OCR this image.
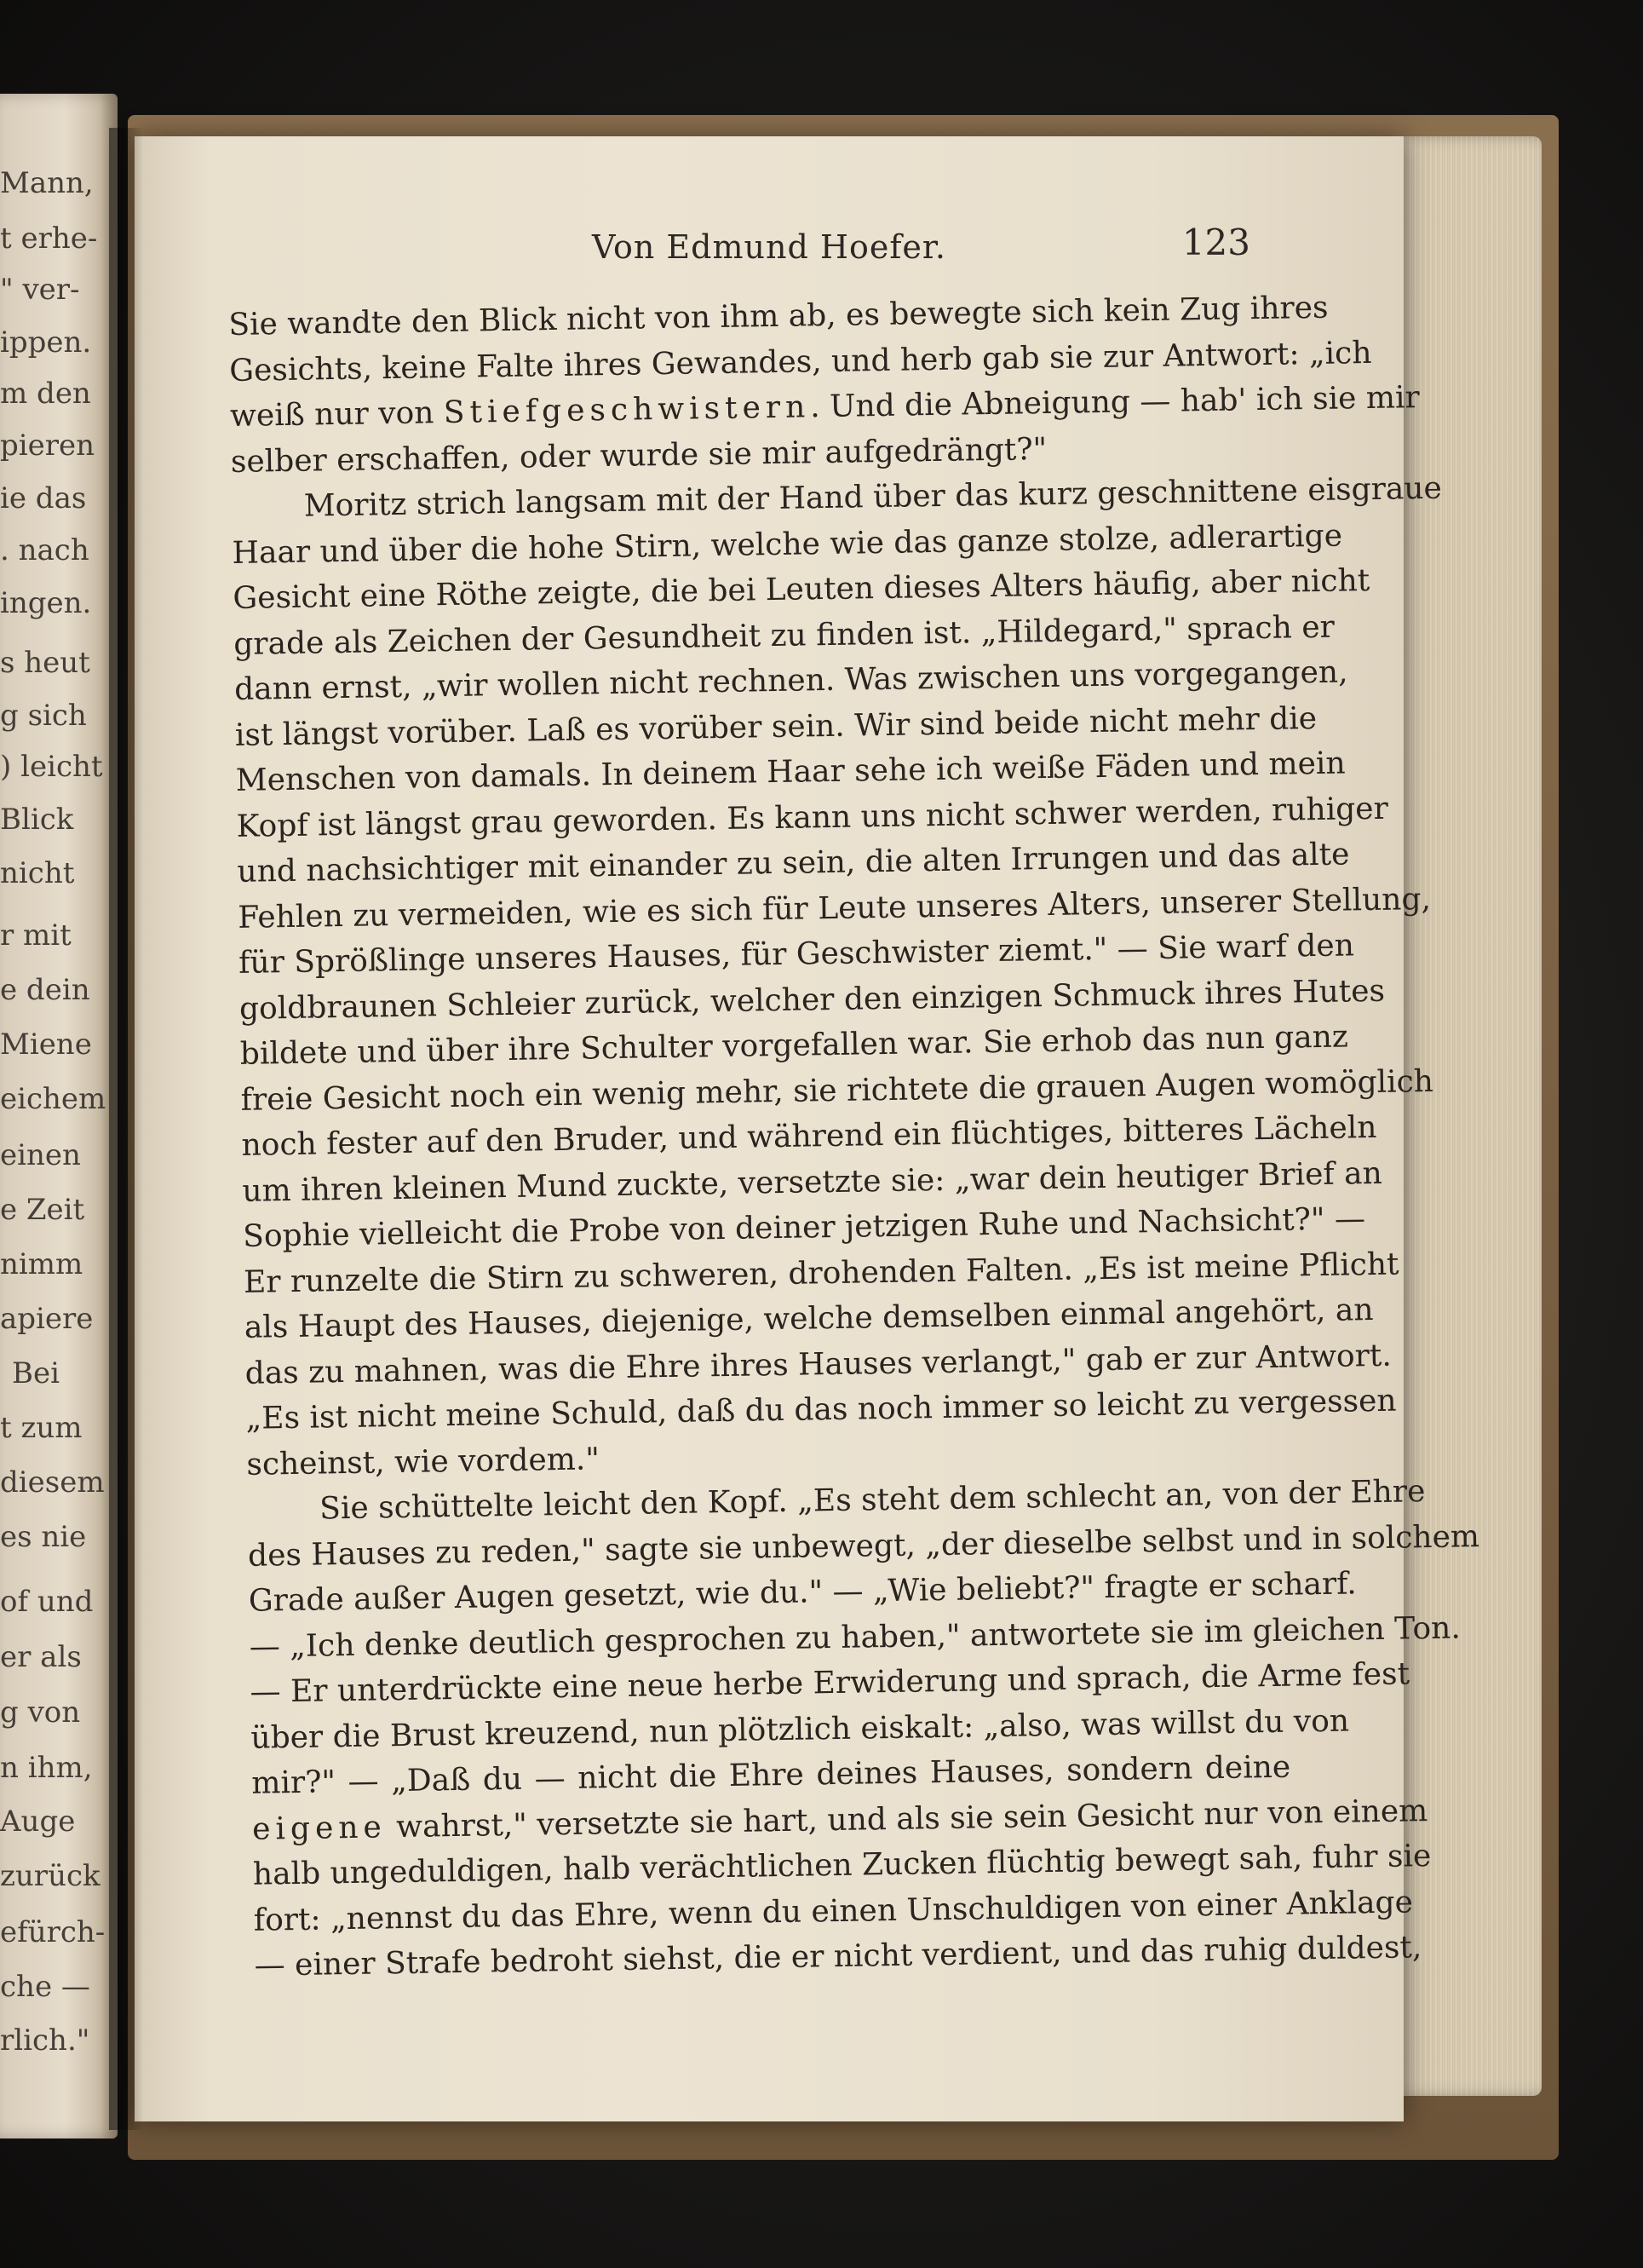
Mann,
t erhe-
" ver-
ippen.
m den
pieren
ie das
. nach
ingen.
s heut
g sich
) leicht
Blick
nicht
r mit
e dein
Miene
eichem
einen
e Zeit
nimm
apiere
Bei
t zum
diesem
es nie
of und
er als
g von
n ihm,
Auge
zurück
efürch-
che —
rlich."
Von Edmund Hoefer.	123
Sie wandte den Blick nicht von ihm ab, es bewegte sich kein Zug ihres
Gesichts, keine Falte ihres Gewandes, und herb gab sie zur Antwort: „ich
weiß nur von Stiefgeschwistern. Und die Abneigung — hab' ich sie mir
selber erschaffen, oder wurde sie mir aufgedrängt?"
Moritz strich langsam mit der Hand über das kurz geschnittene eisgraue
Haar und über die hohe Stirn, welche wie das ganze stolze, adlerartige
Gesicht eine Röthe zeigte, die bei Leuten dieses Alters häufig, aber nicht
grade als Zeichen der Gesundheit zu finden ist. „Hildegard," sprach er
dann ernst, „wir wollen nicht rechnen. Was zwischen uns vorgegangen,
ist längst vorüber. Laß es vorüber sein. Wir sind beide nicht mehr die
Menschen von damals. In deinem Haar sehe ich weiße Fäden und mein
Kopf ist längst grau geworden. Es kann uns nicht schwer werden, ruhiger
und nachsichtiger mit einander zu sein, die alten Irrungen und das alte
Fehlen zu vermeiden, wie es sich für Leute unseres Alters, unserer Stellung,
für Sprößlinge unseres Hauses, für Geschwister ziemt." — Sie warf den
goldbraunen Schleier zurück, welcher den einzigen Schmuck ihres Hutes
bildete und über ihre Schulter vorgefallen war. Sie erhob das nun ganz
freie Gesicht noch ein wenig mehr, sie richtete die grauen Augen womöglich
noch fester auf den Bruder, und während ein flüchtiges, bitteres Lächeln
um ihren kleinen Mund zuckte, versetzte sie: „war dein heutiger Brief an
Sophie vielleicht die Probe von deiner jetzigen Ruhe und Nachsicht?" —
Er runzelte die Stirn zu schweren, drohenden Falten. „Es ist meine Pflicht
als Haupt des Hauses, diejenige, welche demselben einmal angehört, an
das zu mahnen, was die Ehre ihres Hauses verlangt," gab er zur Antwort.
„Es ist nicht meine Schuld, daß du das noch immer so leicht zu vergessen
scheinst, wie vordem."
Sie schüttelte leicht den Kopf. „Es steht dem schlecht an, von der Ehre
des Hauses zu reden," sagte sie unbewegt, „der dieselbe selbst und in solchem
Grade außer Augen gesetzt, wie du." — „Wie beliebt?" fragte er scharf.
— „Ich denke deutlich gesprochen zu haben," antwortete sie im gleichen Ton.
— Er unterdrückte eine neue herbe Erwiderung und sprach, die Arme fest
über die Brust kreuzend, nun plötzlich eiskalt: „also, was willst du von
mir?" — „Daß du — nicht die Ehre deines Hauses, sondern deine
eigene wahrst," versetzte sie hart, und als sie sein Gesicht nur von einem
halb ungeduldigen, halb verächtlichen Zucken flüchtig bewegt sah, fuhr sie
fort: „nennst du das Ehre, wenn du einen Unschuldigen von einer Anklage
— einer Strafe bedroht siehst, die er nicht verdient, und das ruhig duldest,
